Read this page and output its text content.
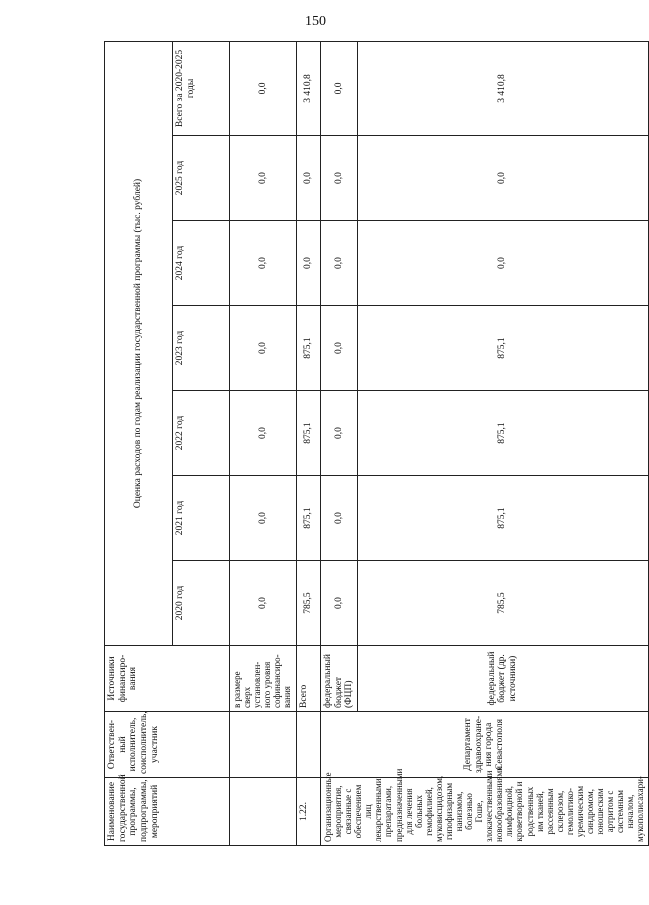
150
Наименование государственной программы, подпрограммы, мероприятий	Ответствен-ный исполнитель, соисполнитель, участник	Источники финансиро-вания	Оценка расходов по годам реализации государственной программы (тыс. рублей)						
			2020 год	2021 год	2022 год	2023 год	2024 год	2025 год	Всего за 2020-2025 годы
		в размере сверх установлен-ного уровня софинансиро-вания	0,0	0,0	0,0	0,0	0,0	0,0	0,0
1.22.		Всего	785,5	875,1	875,1	875,1	0,0	0,0	3 410,8
Организационные мероприятия, связанные с обеспечением лиц лекарственными препаратами, предназначенными для лечения больных гемофилией, муковисцидозом, гипофизарным нанизмом, болезнью Гоше, злокачественными новообразованиями лимфоидной, кроветворной и родственных им тканей, рассеянным склерозом, гемолитико-уремическим синдромом, юношеским артритом с системным началом, мукополисахари-	Департамент здравоохране-ния города Севастополя	федеральный бюджет (ФЦП)	0,0	0,0	0,0	0,0	0,0	0,0	0,0
		федеральный бюджет (др. источники)	785,5	875,1	875,1	875,1	0,0	0,0	3 410,8
